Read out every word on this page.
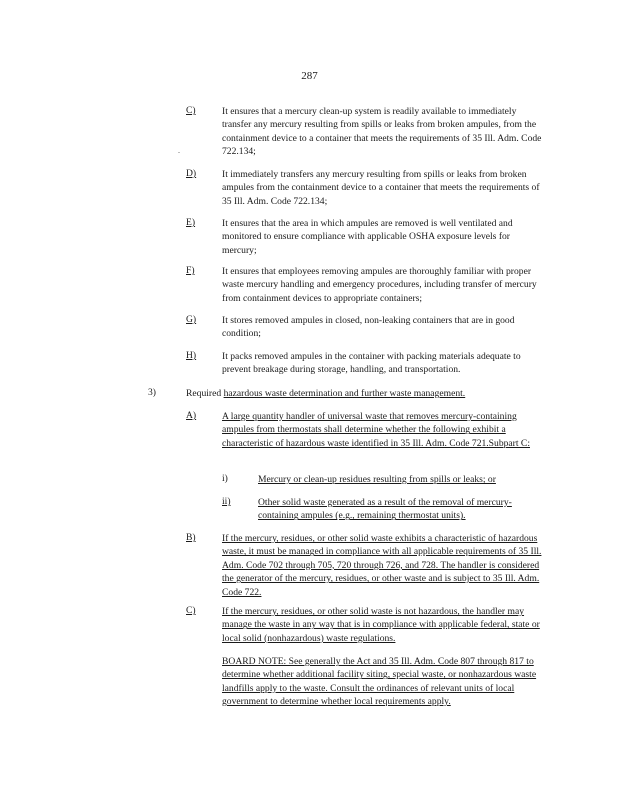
287
.
C)	It ensures that a mercury clean-up system is readily available to immediately transfer any mercury resulting from spills or leaks from broken ampules, from the containment device to a container that meets the requirements of 35 Ill. Adm. Code 722.134;
D)	It immediately transfers any mercury resulting from spills or leaks from broken ampules from the containment device to a container that meets the requirements of 35 Ill. Adm. Code 722.134;
E)	It ensures that the area in which ampules are removed is well ventilated and monitored to ensure compliance with applicable OSHA exposure levels for mercury;
F)	It ensures that employees removing ampules are thoroughly familiar with proper waste mercury handling and emergency procedures, including transfer of mercury from containment devices to appropriate containers;
G)	It stores removed ampules in closed, non-leaking containers that are in good condition;
H)	It packs removed ampules in the container with packing materials adequate to prevent breakage during storage, handling, and transportation.
3)	Required hazardous waste determination and further waste management.
A)	A large quantity handler of universal waste that removes mercury-containing ampules from thermostats shall determine whether the following exhibit a characteristic of hazardous waste identified in 35 Ill. Adm. Code 721.Subpart C:
i)	Mercury or clean-up residues resulting from spills or leaks; or
ii)	Other solid waste generated as a result of the removal of mercury-containing ampules (e.g., remaining thermostat units).
B)	If the mercury, residues, or other solid waste exhibits a characteristic of hazardous waste, it must be managed in compliance with all applicable requirements of 35 Ill. Adm. Code 702 through 705, 720 through 726, and 728. The handler is considered the generator of the mercury, residues, or other waste and is subject to 35 Ill. Adm. Code 722.
C)	If the mercury, residues, or other solid waste is not hazardous, the handler may manage the waste in any way that is in compliance with applicable federal, state or local solid (nonhazardous) waste regulations.
BOARD NOTE: See generally the Act and 35 Ill. Adm. Code 807 through 817 to determine whether additional facility siting, special waste, or nonhazardous waste landfills apply to the waste. Consult the ordinances of relevant units of local government to determine whether local requirements apply.
